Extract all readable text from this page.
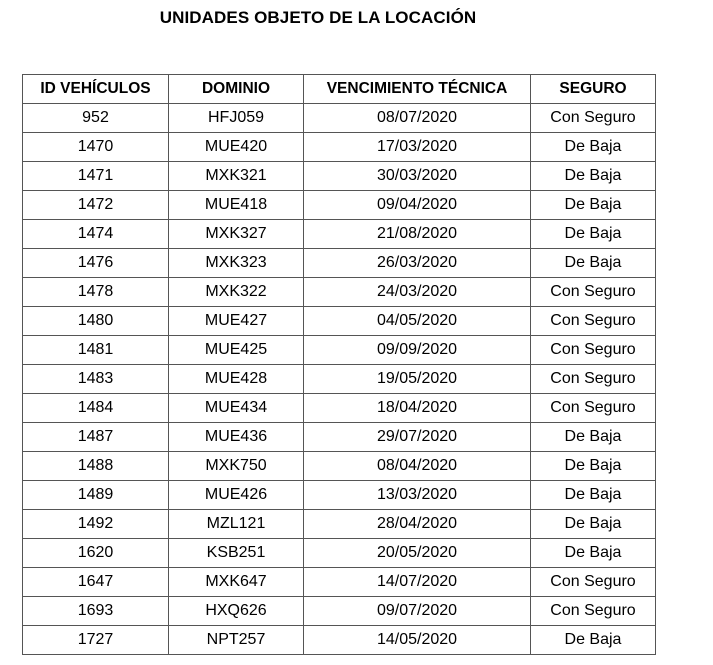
UNIDADES OBJETO DE LA LOCACIÓN
ID VEHÍCULOS	DOMINIO	VENCIMIENTO TÉCNICA	SEGURO
952	HFJ059	08/07/2020	Con Seguro
1470	MUE420	17/03/2020	De Baja
1471	MXK321	30/03/2020	De Baja
1472	MUE418	09/04/2020	De Baja
1474	MXK327	21/08/2020	De Baja
1476	MXK323	26/03/2020	De Baja
1478	MXK322	24/03/2020	Con Seguro
1480	MUE427	04/05/2020	Con Seguro
1481	MUE425	09/09/2020	Con Seguro
1483	MUE428	19/05/2020	Con Seguro
1484	MUE434	18/04/2020	Con Seguro
1487	MUE436	29/07/2020	De Baja
1488	MXK750	08/04/2020	De Baja
1489	MUE426	13/03/2020	De Baja
1492	MZL121	28/04/2020	De Baja
1620	KSB251	20/05/2020	De Baja
1647	MXK647	14/07/2020	Con Seguro
1693	HXQ626	09/07/2020	Con Seguro
1727	NPT257	14/05/2020	De Baja
